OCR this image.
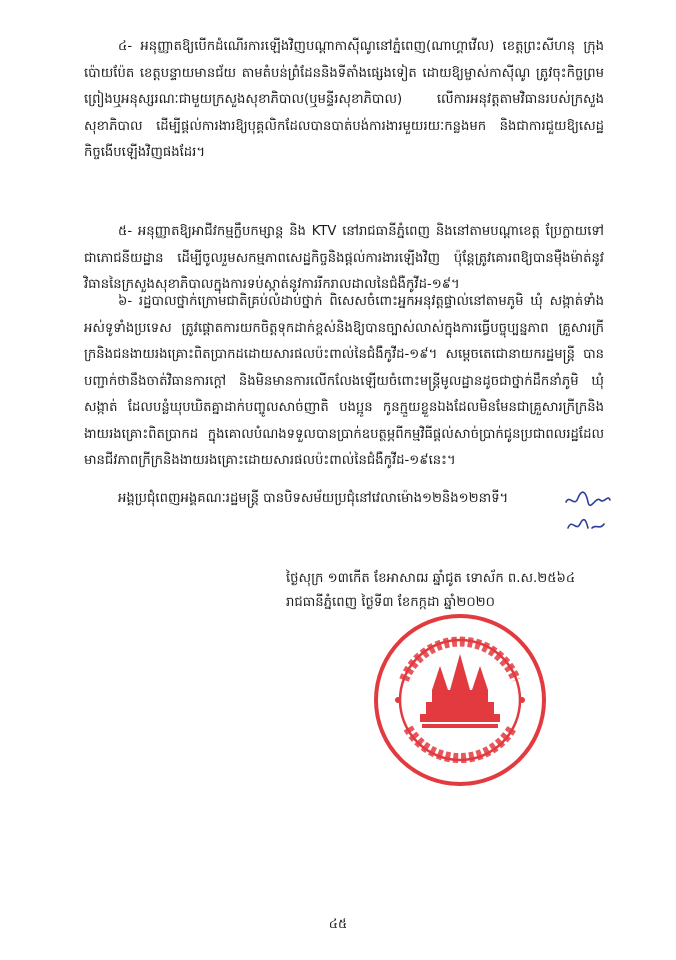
៤- អនុញ្ញាតឱ្យបើកដំណើរការឡើងវិញបណ្តាកាស៊ីណូនៅភ្នំពេញ(ណាហ្គាវើល) ខេត្តព្រះសីហនុ ក្រុងប៉ោយប៉ែត ខេត្តបន្ទាយមានជ័យ តាមតំបន់ព្រំដែននិងទីតាំងផ្សេងទៀត ដោយឱ្យម្ចាស់កាស៊ីណូ ត្រូវចុះកិច្ចព្រមព្រៀងឬអនុស្សរណៈជាមួយក្រសួងសុខាភិបាល(ឬមន្ទីរសុខាភិបាល) លើការអនុវត្តតាមវិធានរបស់ក្រសួងសុខាភិបាល ដើម្បីផ្តល់ការងារឱ្យបុគ្គលិកដែលបានបាត់បង់ការងារមួយរយៈកន្លងមក និងជាការជួយឱ្យសេដ្ឋកិច្ចងើបឡើងវិញផងដែរ។
៥- អនុញ្ញាតឱ្យអាជីវកម្មក្លឹបកម្សាន្ត និង KTV នៅរាជធានីភ្នំពេញ និងនៅតាមបណ្តាខេត្ត ប្រែក្លាយទៅជាភោជនីយដ្ឋាន ដើម្បីចូលរួមសកម្មភាពសេដ្ឋកិច្ចនិងផ្តល់ការងារឡើងវិញ ប៉ុន្តែត្រូវគោរពឱ្យបានម៉ឺងម៉ាត់នូវវិធាននៃក្រសួងសុខាភិបាលក្នុងការទប់ស្កាត់នូវការរីករាលដាលនៃជំងឺកូវីដ-១៩។
៦- រដ្ឋបាលថ្នាក់ក្រោមជាតិគ្រប់លំដាប់ថ្នាក់ ពិសេសចំពោះអ្នកអនុវត្តផ្ទាល់នៅតាមភូមិ ឃុំ សង្កាត់ទាំងអស់ទូទាំងប្រទេស ត្រូវផ្តោតការយកចិត្តទុកដាក់ខ្ពស់និងឱ្យបានច្បាស់លាស់ក្នុងការធ្វើបច្ចុប្បន្នភាព គ្រួសារក្រីក្រនិងជនងាយរងគ្រោះពិតប្រាកដដោយសារផលប៉ះពាល់នៃជំងឺកូវីដ-១៩។ សម្តេចតេជោនាយករដ្ឋមន្ត្រី បានបញ្ជាក់ថានឹងចាត់វិធានការក្តៅ និងមិនមានការលើកលែងឡើយចំពោះមន្ត្រីមូលដ្ឋានដូចជាថ្នាក់ដឹកនាំភូមិ ឃុំ សង្កាត់ ដែលបន្លំឃុបឃិតគ្នាដាក់បញ្ចូលសាច់ញាតិ បងប្អូន កូនក្មួយខ្លួនឯងដែលមិនមែនជាគ្រួសារក្រីក្រនិងងាយរងគ្រោះពិតប្រាកដ ក្នុងគោលបំណងទទួលបានប្រាក់ឧបត្ថម្ភពីកម្មវិធីផ្តល់សាច់ប្រាក់ជូនប្រជាពលរដ្ឋដែលមានជីវភាពក្រីក្រនិងងាយរងគ្រោះដោយសារផលប៉ះពាល់នៃជំងឺកូវីដ-១៩នេះ។
អង្គប្រជុំពេញអង្គគណៈរដ្ឋមន្ត្រី បានបិទសម័យប្រជុំនៅវេលាម៉ោង១២និង១២នាទី។
ថ្ងៃសុក្រ ១៣កើត ខែអាសាឍ ឆ្នាំជូត ទោស័ក ព.ស.២៥៦៤
រាជធានីភ្នំពេញ ថ្ងៃទី៣ ខែកក្កដា ឆ្នាំ២០២០
៤៥
